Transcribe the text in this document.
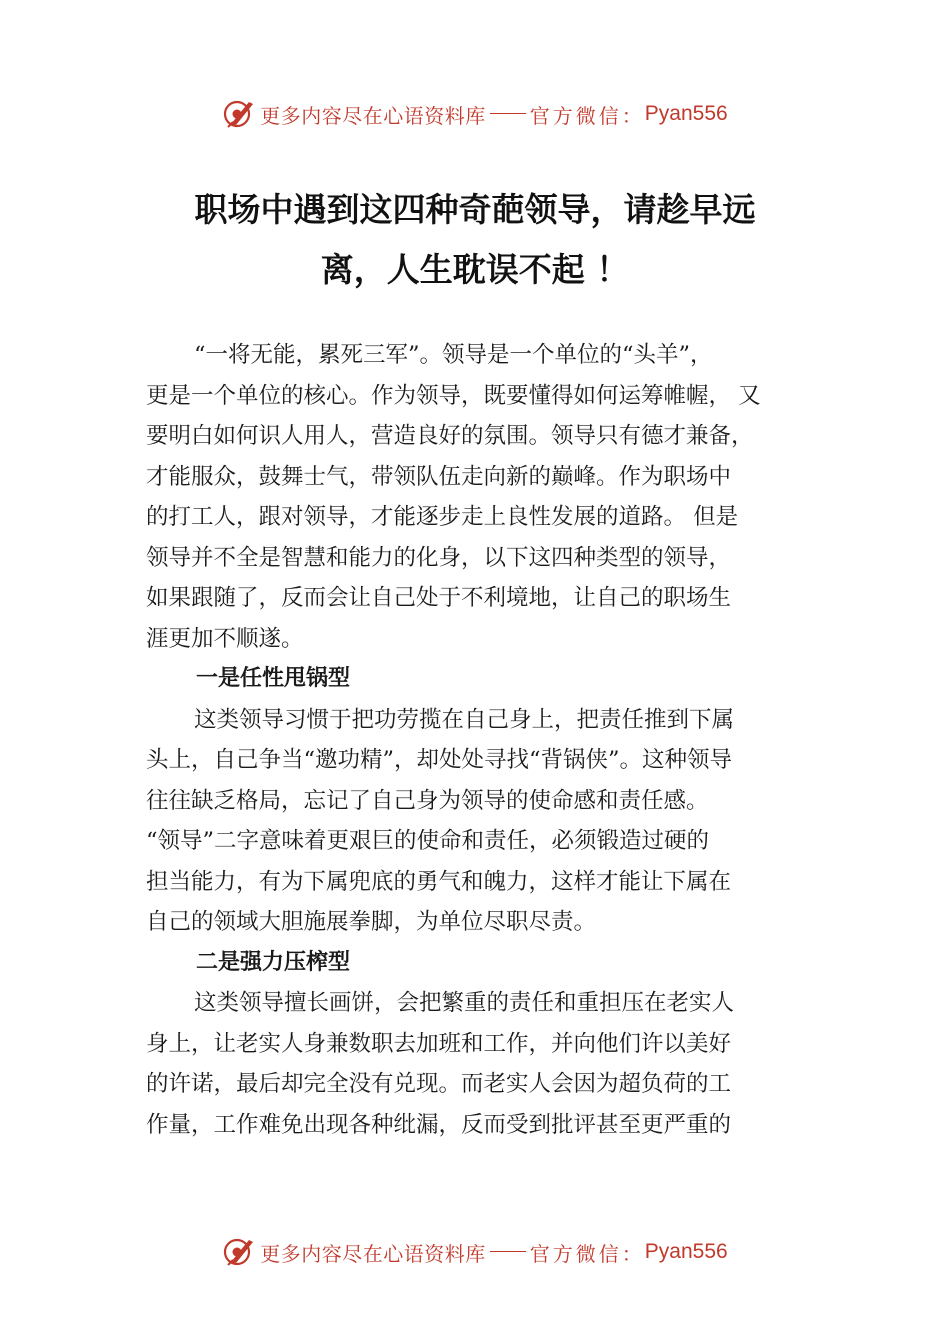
更多内容尽在心语资料库 官方微信： Pyan556
职场中遇到这四种奇葩领导，请趁早远
离，人生耽误不起 ！
“一将无能，累死三军”。领导是一个单位的“头羊”，
更是一个单位的核心。作为领导，既要懂得如何运筹帷幄， 又
要明白如何识人用人，营造良好的氛围。领导只有德才兼备，
才能服众，鼓舞士气，带领队伍走向新的巅峰。作为职场中
的打工人，跟对领导，才能逐步走上良性发展的道路。 但是
领导并不全是智慧和能力的化身，以下这四种类型的领导，
如果跟随了，反而会让自己处于不利境地，让自己的职场生
涯更加不顺遂。
一是任性甩锅型
这类领导习惯于把功劳揽在自己身上，把责任推到下属
头上，自己争当“邀功精”，却处处寻找“背锅侠”。这种领导
往往缺乏格局，忘记了自己身为领导的使命感和责任感。
“领导”二字意味着更艰巨的使命和责任，必须锻造过硬的
担当能力，有为下属兜底的勇气和魄力，这样才能让下属在
自己的领域大胆施展拳脚，为单位尽职尽责。
二是强力压榨型
这类领导擅长画饼，会把繁重的责任和重担压在老实人
身上，让老实人身兼数职去加班和工作，并向他们许以美好
的许诺，最后却完全没有兑现。而老实人会因为超负荷的工
作量，工作难免出现各种纰漏，反而受到批评甚至更严重的
更多内容尽在心语资料库 官方微信： Pyan556
